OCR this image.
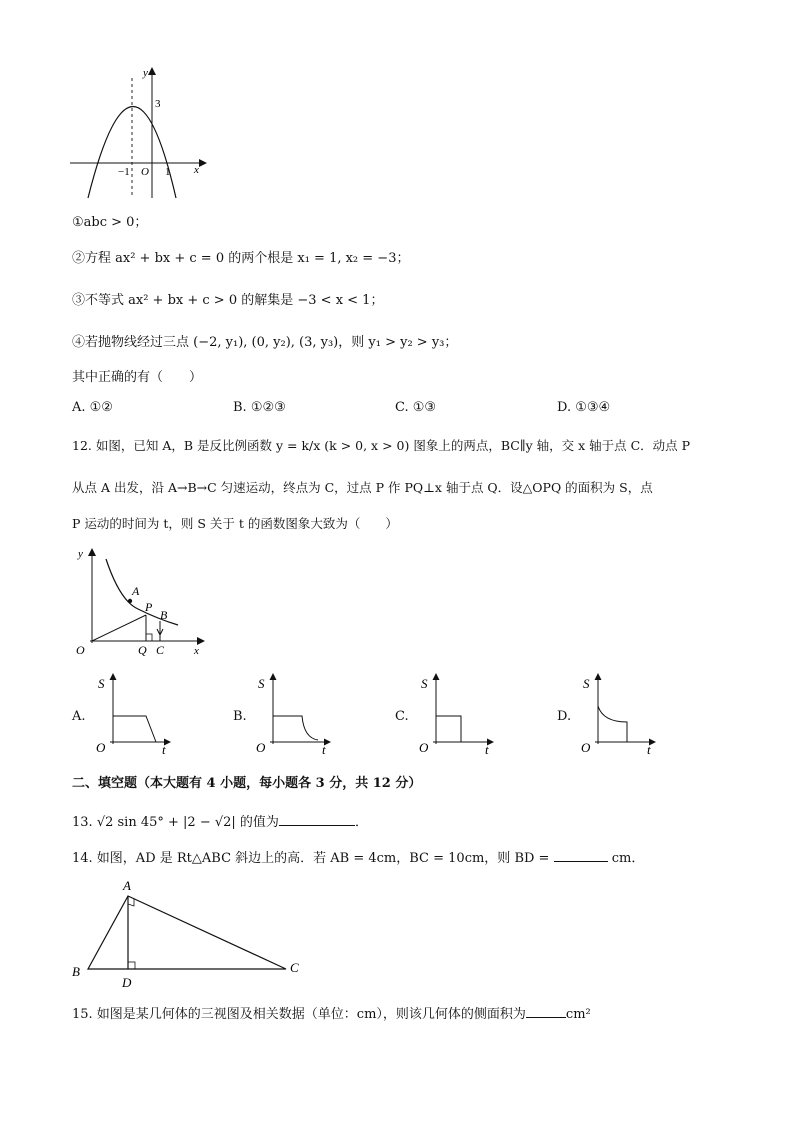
y
x
3
−1 O 1
①abc > 0；
②方程 ax² + bx + c = 0 的两个根是 x₁ = 1, x₂ = −3；
③不等式 ax² + bx + c > 0 的解集是 −3 < x < 1；
④若抛物线经过三点 (−2, y₁), (0, y₂), (3, y₃)，则 y₁ > y₂ > y₃；
其中正确的有（　　）
A. ①②	B. ①②③	C. ①③	D. ①③④
12. 如图，已知 A，B 是反比例函数 y = k/x (k > 0, x > 0) 图象上的两点，BC∥y 轴，交 x 轴于点 C．动点 P
从点 A 出发，沿 A→B→C 匀速运动，终点为 C，过点 P 作 PQ⊥x 轴于点 Q．设△OPQ 的面积为 S，点
P 运动的时间为 t，则 S 关于 t 的函数图象大致为（　　）
y
A
P
B
O	Q C	x
A.
S
O	t
B.
S
O	t
C.
S
O	t
D.
S
O	t
二、填空题（本大题有 4 小题，每小题各 3 分，共 12 分）
13. √2 sin 45° + |2 − √2| 的值为	．
14. 如图，AD 是 Rt△ABC 斜边上的高．若 AB = 4cm，BC = 10cm，则 BD =	cm．
A
B	C
D
15. 如图是某几何体的三视图及相关数据（单位：cm），则该几何体的侧面积为	cm²
